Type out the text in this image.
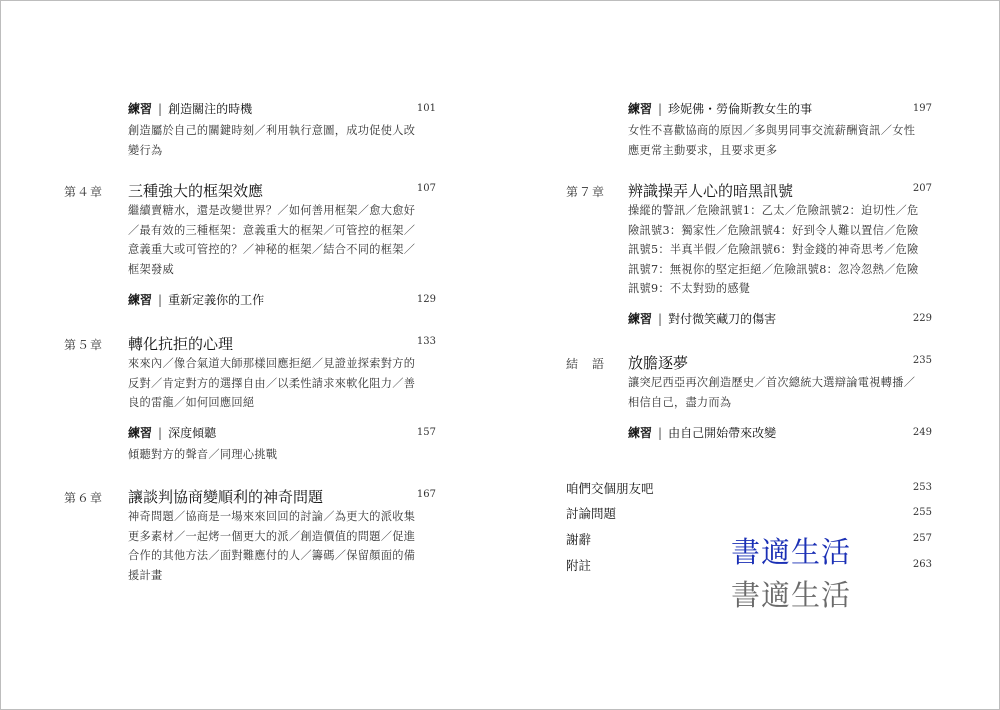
練習 | 創造關注的時機	101
創造屬於自己的關鍵時刻／利用執行意圖，成功促使人改
變行為
第４章 三種強大的框架效應	107
繼續賣糖水，還是改變世界？／如何善用框架／愈大愈好
／最有效的三種框架：意義重大的框架／可管控的框架／
意義重大或可管控的？／神秘的框架／結合不同的框架／
框架發威
練習 | 重新定義你的工作	129
第５章 轉化抗拒的心理	133
來來內／像合氣道大師那樣回應拒絕／見證並探索對方的
反對／肯定對方的選擇自由／以柔性請求來軟化阻力／善
良的雷龍／如何回應回絕
練習 | 深度傾聽	157
傾聽對方的聲音／同理心挑戰
第６章 讓談判協商變順利的神奇問題	167
神奇問題／協商是一場來來回回的討論／為更大的派收集
更多素材／一起烤一個更大的派／創造價值的問題／促進
合作的其他方法／面對難應付的人／籌碼／保留顏面的備
援計畫
練習 | 珍妮佛・勞倫斯教女生的事	197
女性不喜歡協商的原因／多與男同事交流薪酬資訊／女性
應更常主動要求，且要求更多
第７章 辨識操弄人心的暗黑訊號	207
操縱的警訊／危險訊號1：乙太／危險訊號2：迫切性／危
險訊號3：獨家性／危險訊號4：好到令人難以置信／危險
訊號5：半真半假／危險訊號6：對金錢的神奇思考／危險
訊號7：無視你的堅定拒絕／危險訊號8：忽冷忽熱／危險
訊號9：不太對勁的感覺
練習 | 對付微笑藏刀的傷害	229
結　語 放膽逐夢	235
讓突尼西亞再次創造歷史／首次總統大選辯論電視轉播／
相信自己，盡力而為
練習 | 由自己開始帶來改變	249
咱們交個朋友吧	253
討論問題	255
謝辭	257
附註	263
書適生活
書適生活
